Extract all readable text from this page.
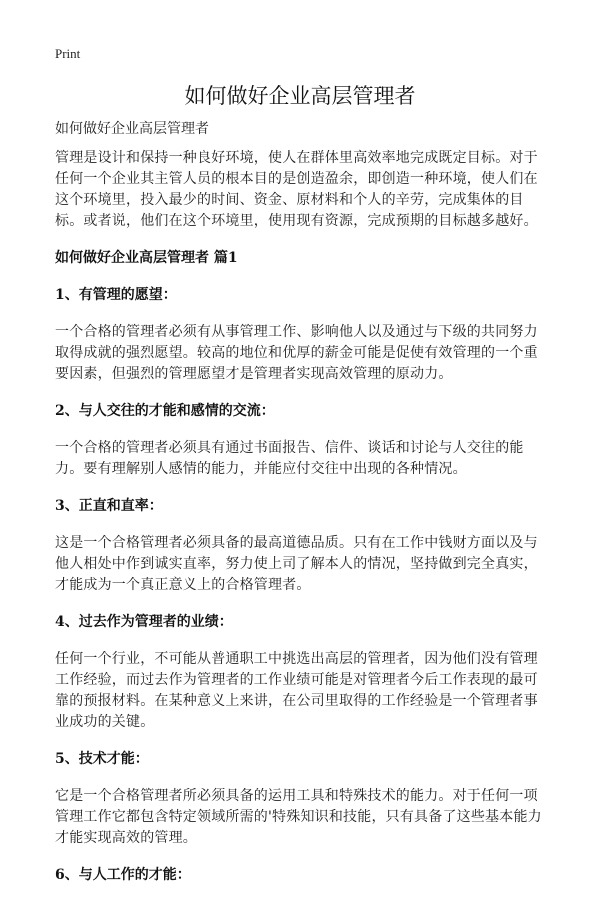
Print
如何做好企业高层管理者
如何做好企业高层管理者

管理是设计和保持一种良好环境，使人在群体里高效率地完成既定目标。对于任何一个企业其主管人员的根本目的是创造盈余，即创造一种环境，使人们在这个环境里，投入最少的时间、资金、原材料和个人的辛劳，完成集体的目标。或者说，他们在这个环境里，使用现有资源，完成预期的目标越多越好。

如何做好企业高层管理者 篇1
1、有管理的愿望：

一个合格的管理者必须有从事管理工作、影响他人以及通过与下级的共同努力取得成就的强烈愿望。较高的地位和优厚的薪金可能是促使有效管理的一个重要因素，但强烈的管理愿望才是管理者实现高效管理的原动力。

2、与人交往的才能和感情的交流：

一个合格的管理者必须具有通过书面报告、信件、谈话和讨论与人交往的能力。要有理解别人感情的能力，并能应付交往中出现的各种情况。

3、正直和直率：

这是一个合格管理者必须具备的最高道德品质。只有在工作中钱财方面以及与他人相处中作到诚实直率，努力使上司了解本人的情况，坚持做到完全真实，才能成为一个真正意义上的合格管理者。

4、过去作为管理者的业绩：

任何一个行业，不可能从普通职工中挑选出高层的管理者，因为他们没有管理工作经验，而过去作为管理者的工作业绩可能是对管理者今后工作表现的最可靠的预报材料。在某种意义上来讲，在公司里取得的工作经验是一个管理者事业成功的关键。

5、技术才能：

它是一个合格管理者所必须具备的运用工具和特殊技术的能力。对于任何一项管理工作它都包含特定领域所需的'特殊知识和技能，只有具备了这些基本能力才能实现高效的管理。

6、与人工作的才能：
